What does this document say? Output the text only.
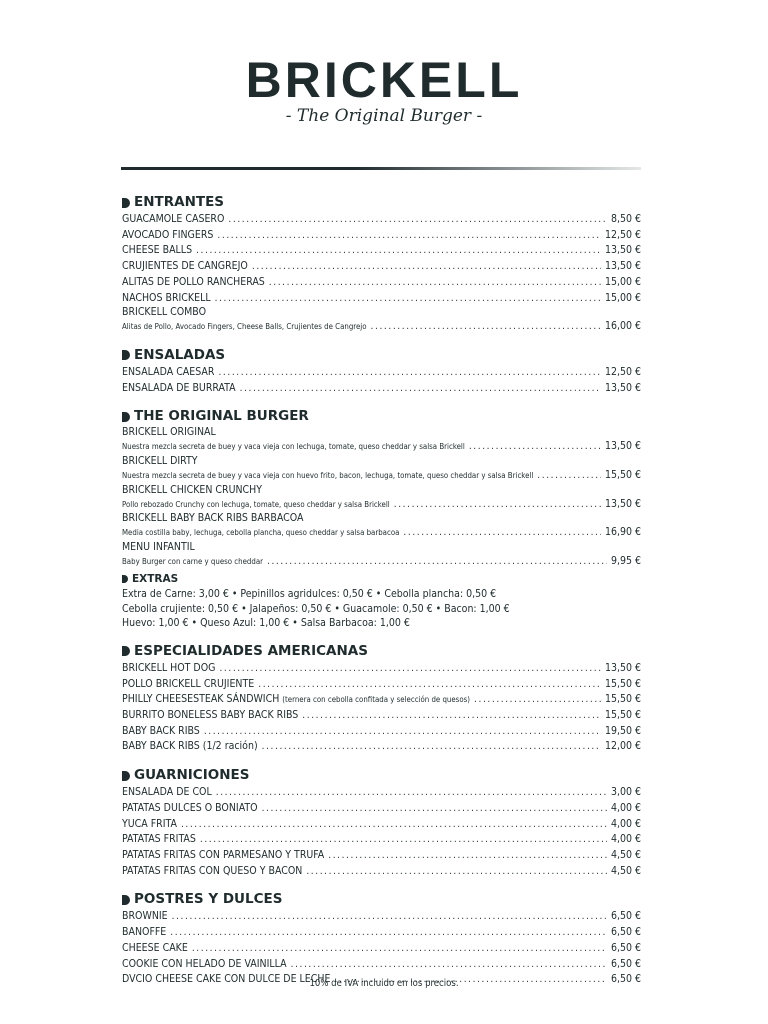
BRICKELL
- The Original Burger -
ENTRANTES
GUACAMOLE CASERO .....	8,50 €
AVOCADO FINGERS .....	12,50 €
CHEESE BALLS .....	13,50 €
CRUJIENTES DE CANGREJO .....	13,50 €
ALITAS DE POLLO RANCHERAS .....	15,00 €
NACHOS BRICKELL .....	15,00 €
BRICKELL COMBO
Alitas de Pollo, Avocado Fingers, Cheese Balls, Crujientes de Cangrejo .....	16,00 €
ENSALADAS
ENSALADA CAESAR .....	12,50 €
ENSALADA DE BURRATA .....	13,50 €
THE ORIGINAL BURGER
BRICKELL ORIGINAL
Nuestra mezcla secreta de buey y vaca vieja con lechuga, tomate, queso cheddar y salsa Brickell .....	13,50 €
BRICKELL DIRTY
Nuestra mezcla secreta de buey y vaca vieja con huevo frito, bacon, lechuga, tomate, queso cheddar y salsa Brickell .....	15,50 €
BRICKELL CHICKEN CRUNCHY
Pollo rebozado Crunchy con lechuga, tomate, queso cheddar y salsa Brickell .....	13,50 €
BRICKELL BABY BACK RIBS BARBACOA
Media costilla baby, lechuga, cebolla plancha, queso cheddar y salsa barbacoa .....	16,90 €
MENU INFANTIL
Baby Burger con carne y queso cheddar .....	9,95 €
EXTRAS
Extra de Carne: 3,00 € • Pepinillos agridulces: 0,50 € • Cebolla plancha: 0,50 €
Cebolla crujiente: 0,50 € • Jalapeños: 0,50 € • Guacamole: 0,50 € • Bacon: 1,00 €
Huevo: 1,00 € • Queso Azul: 1,00 € • Salsa Barbacoa: 1,00 €
ESPECIALIDADES AMERICANAS
BRICKELL HOT DOG .....	13,50 €
POLLO BRICKELL CRUJIENTE .....	15,50 €
PHILLY CHEESESTEAK SÁNDWICH
(ternera con cebolla confitada y selección de quesos) .....	15,50 €
BURRITO BONELESS BABY BACK RIBS .....	15,50 €
BABY BACK RIBS .....	19,50 €
BABY BACK RIBS (1/2 ración) .....	12,00 €
GUARNICIONES
ENSALADA DE COL .....	3,00 €
PATATAS DULCES O BONIATO .....	4,00 €
YUCA FRITA .....	4,00 €
PATATAS FRITAS .....	4,00 €
PATATAS FRITAS CON PARMESANO Y TRUFA .....	4,50 €
PATATAS FRITAS CON QUESO Y BACON .....	4,50 €
POSTRES Y DULCES
BROWNIE .....	6,50 €
BANOFFE .....	6,50 €
CHEESE CAKE .....	6,50 €
COOKIE CON HELADO DE VAINILLA .....	6,50 €
DVCIO CHEESE CAKE CON DULCE DE LECHE .....	6,50 €
10% de IVA incluido en los precios.
